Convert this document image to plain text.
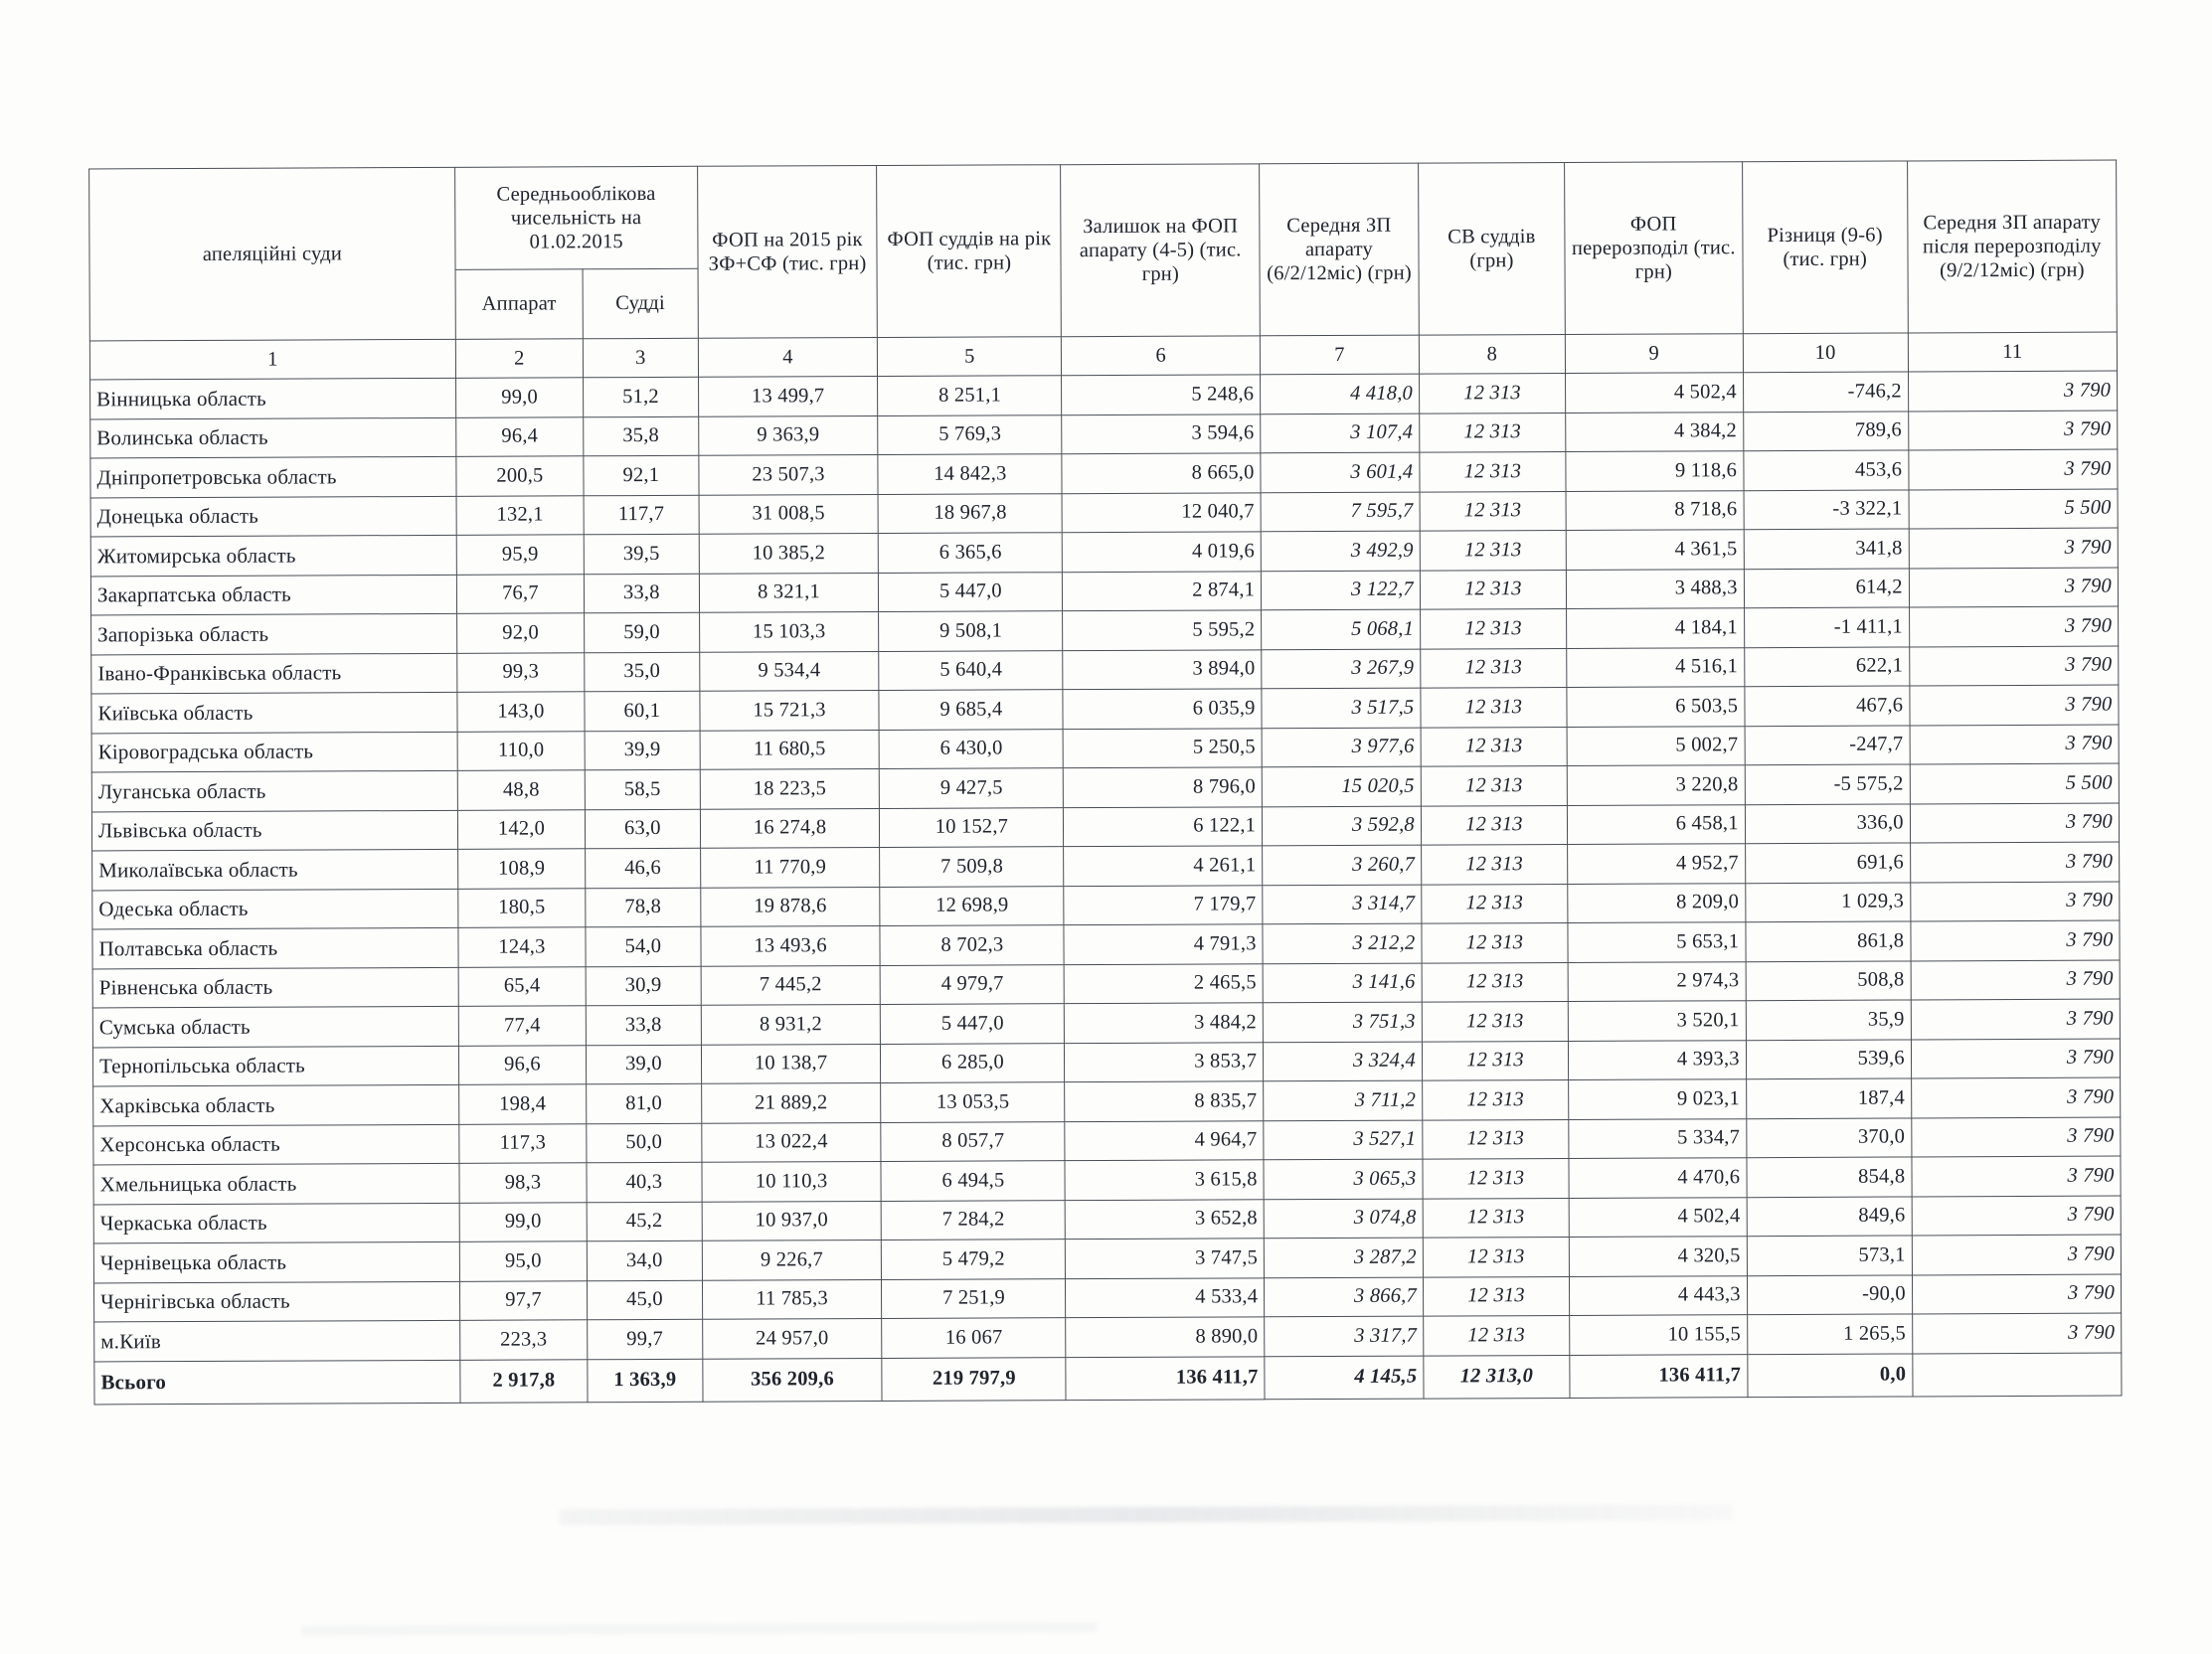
апеляційні суди	Середньооблікова чисельність на 01.02.2015		ФОП на 2015 рік ЗФ+СФ (тис. грн)	ФОП суддів на рік (тис. грн)	Залишок на ФОП апарату (4-5) (тис. грн)	Середня ЗП апарату (6/2/12міс) (грн)	СВ суддів (грн)	ФОП перерозподіл (тис. грн)	Різниця (9-6) (тис. грн)	Середня ЗП апарату після перерозподілу (9/2/12міс) (грн)
	Аппарат	Судді								
1	2	3	4	5	6	7	8	9	10	11
Вінницька область	99,0	51,2	13 499,7	8 251,1	5 248,6	4 418,0	12 313	4 502,4	-746,2	3 790
Волинська область	96,4	35,8	9 363,9	5 769,3	3 594,6	3 107,4	12 313	4 384,2	789,6	3 790
Дніпропетровська область	200,5	92,1	23 507,3	14 842,3	8 665,0	3 601,4	12 313	9 118,6	453,6	3 790
Донецька область	132,1	117,7	31 008,5	18 967,8	12 040,7	7 595,7	12 313	8 718,6	-3 322,1	5 500
Житомирська область	95,9	39,5	10 385,2	6 365,6	4 019,6	3 492,9	12 313	4 361,5	341,8	3 790
Закарпатська область	76,7	33,8	8 321,1	5 447,0	2 874,1	3 122,7	12 313	3 488,3	614,2	3 790
Запорізька область	92,0	59,0	15 103,3	9 508,1	5 595,2	5 068,1	12 313	4 184,1	-1 411,1	3 790
Івано-Франківська область	99,3	35,0	9 534,4	5 640,4	3 894,0	3 267,9	12 313	4 516,1	622,1	3 790
Київська область	143,0	60,1	15 721,3	9 685,4	6 035,9	3 517,5	12 313	6 503,5	467,6	3 790
Кіровоградська область	110,0	39,9	11 680,5	6 430,0	5 250,5	3 977,6	12 313	5 002,7	-247,7	3 790
Луганська область	48,8	58,5	18 223,5	9 427,5	8 796,0	15 020,5	12 313	3 220,8	-5 575,2	5 500
Львівська область	142,0	63,0	16 274,8	10 152,7	6 122,1	3 592,8	12 313	6 458,1	336,0	3 790
Миколаївська область	108,9	46,6	11 770,9	7 509,8	4 261,1	3 260,7	12 313	4 952,7	691,6	3 790
Одеська область	180,5	78,8	19 878,6	12 698,9	7 179,7	3 314,7	12 313	8 209,0	1 029,3	3 790
Полтавська область	124,3	54,0	13 493,6	8 702,3	4 791,3	3 212,2	12 313	5 653,1	861,8	3 790
Рівненська область	65,4	30,9	7 445,2	4 979,7	2 465,5	3 141,6	12 313	2 974,3	508,8	3 790
Сумська область	77,4	33,8	8 931,2	5 447,0	3 484,2	3 751,3	12 313	3 520,1	35,9	3 790
Тернопільська область	96,6	39,0	10 138,7	6 285,0	3 853,7	3 324,4	12 313	4 393,3	539,6	3 790
Харківська область	198,4	81,0	21 889,2	13 053,5	8 835,7	3 711,2	12 313	9 023,1	187,4	3 790
Херсонська область	117,3	50,0	13 022,4	8 057,7	4 964,7	3 527,1	12 313	5 334,7	370,0	3 790
Хмельницька область	98,3	40,3	10 110,3	6 494,5	3 615,8	3 065,3	12 313	4 470,6	854,8	3 790
Черкаська область	99,0	45,2	10 937,0	7 284,2	3 652,8	3 074,8	12 313	4 502,4	849,6	3 790
Чернівецька область	95,0	34,0	9 226,7	5 479,2	3 747,5	3 287,2	12 313	4 320,5	573,1	3 790
Чернігівська область	97,7	45,0	11 785,3	7 251,9	4 533,4	3 866,7	12 313	4 443,3	-90,0	3 790
м.Київ	223,3	99,7	24 957,0	16 067	8 890,0	3 317,7	12 313	10 155,5	1 265,5	3 790
Всього	2 917,8	1 363,9	356 209,6	219 797,9	136 411,7	4 145,5	12 313,0	136 411,7	0,0	
